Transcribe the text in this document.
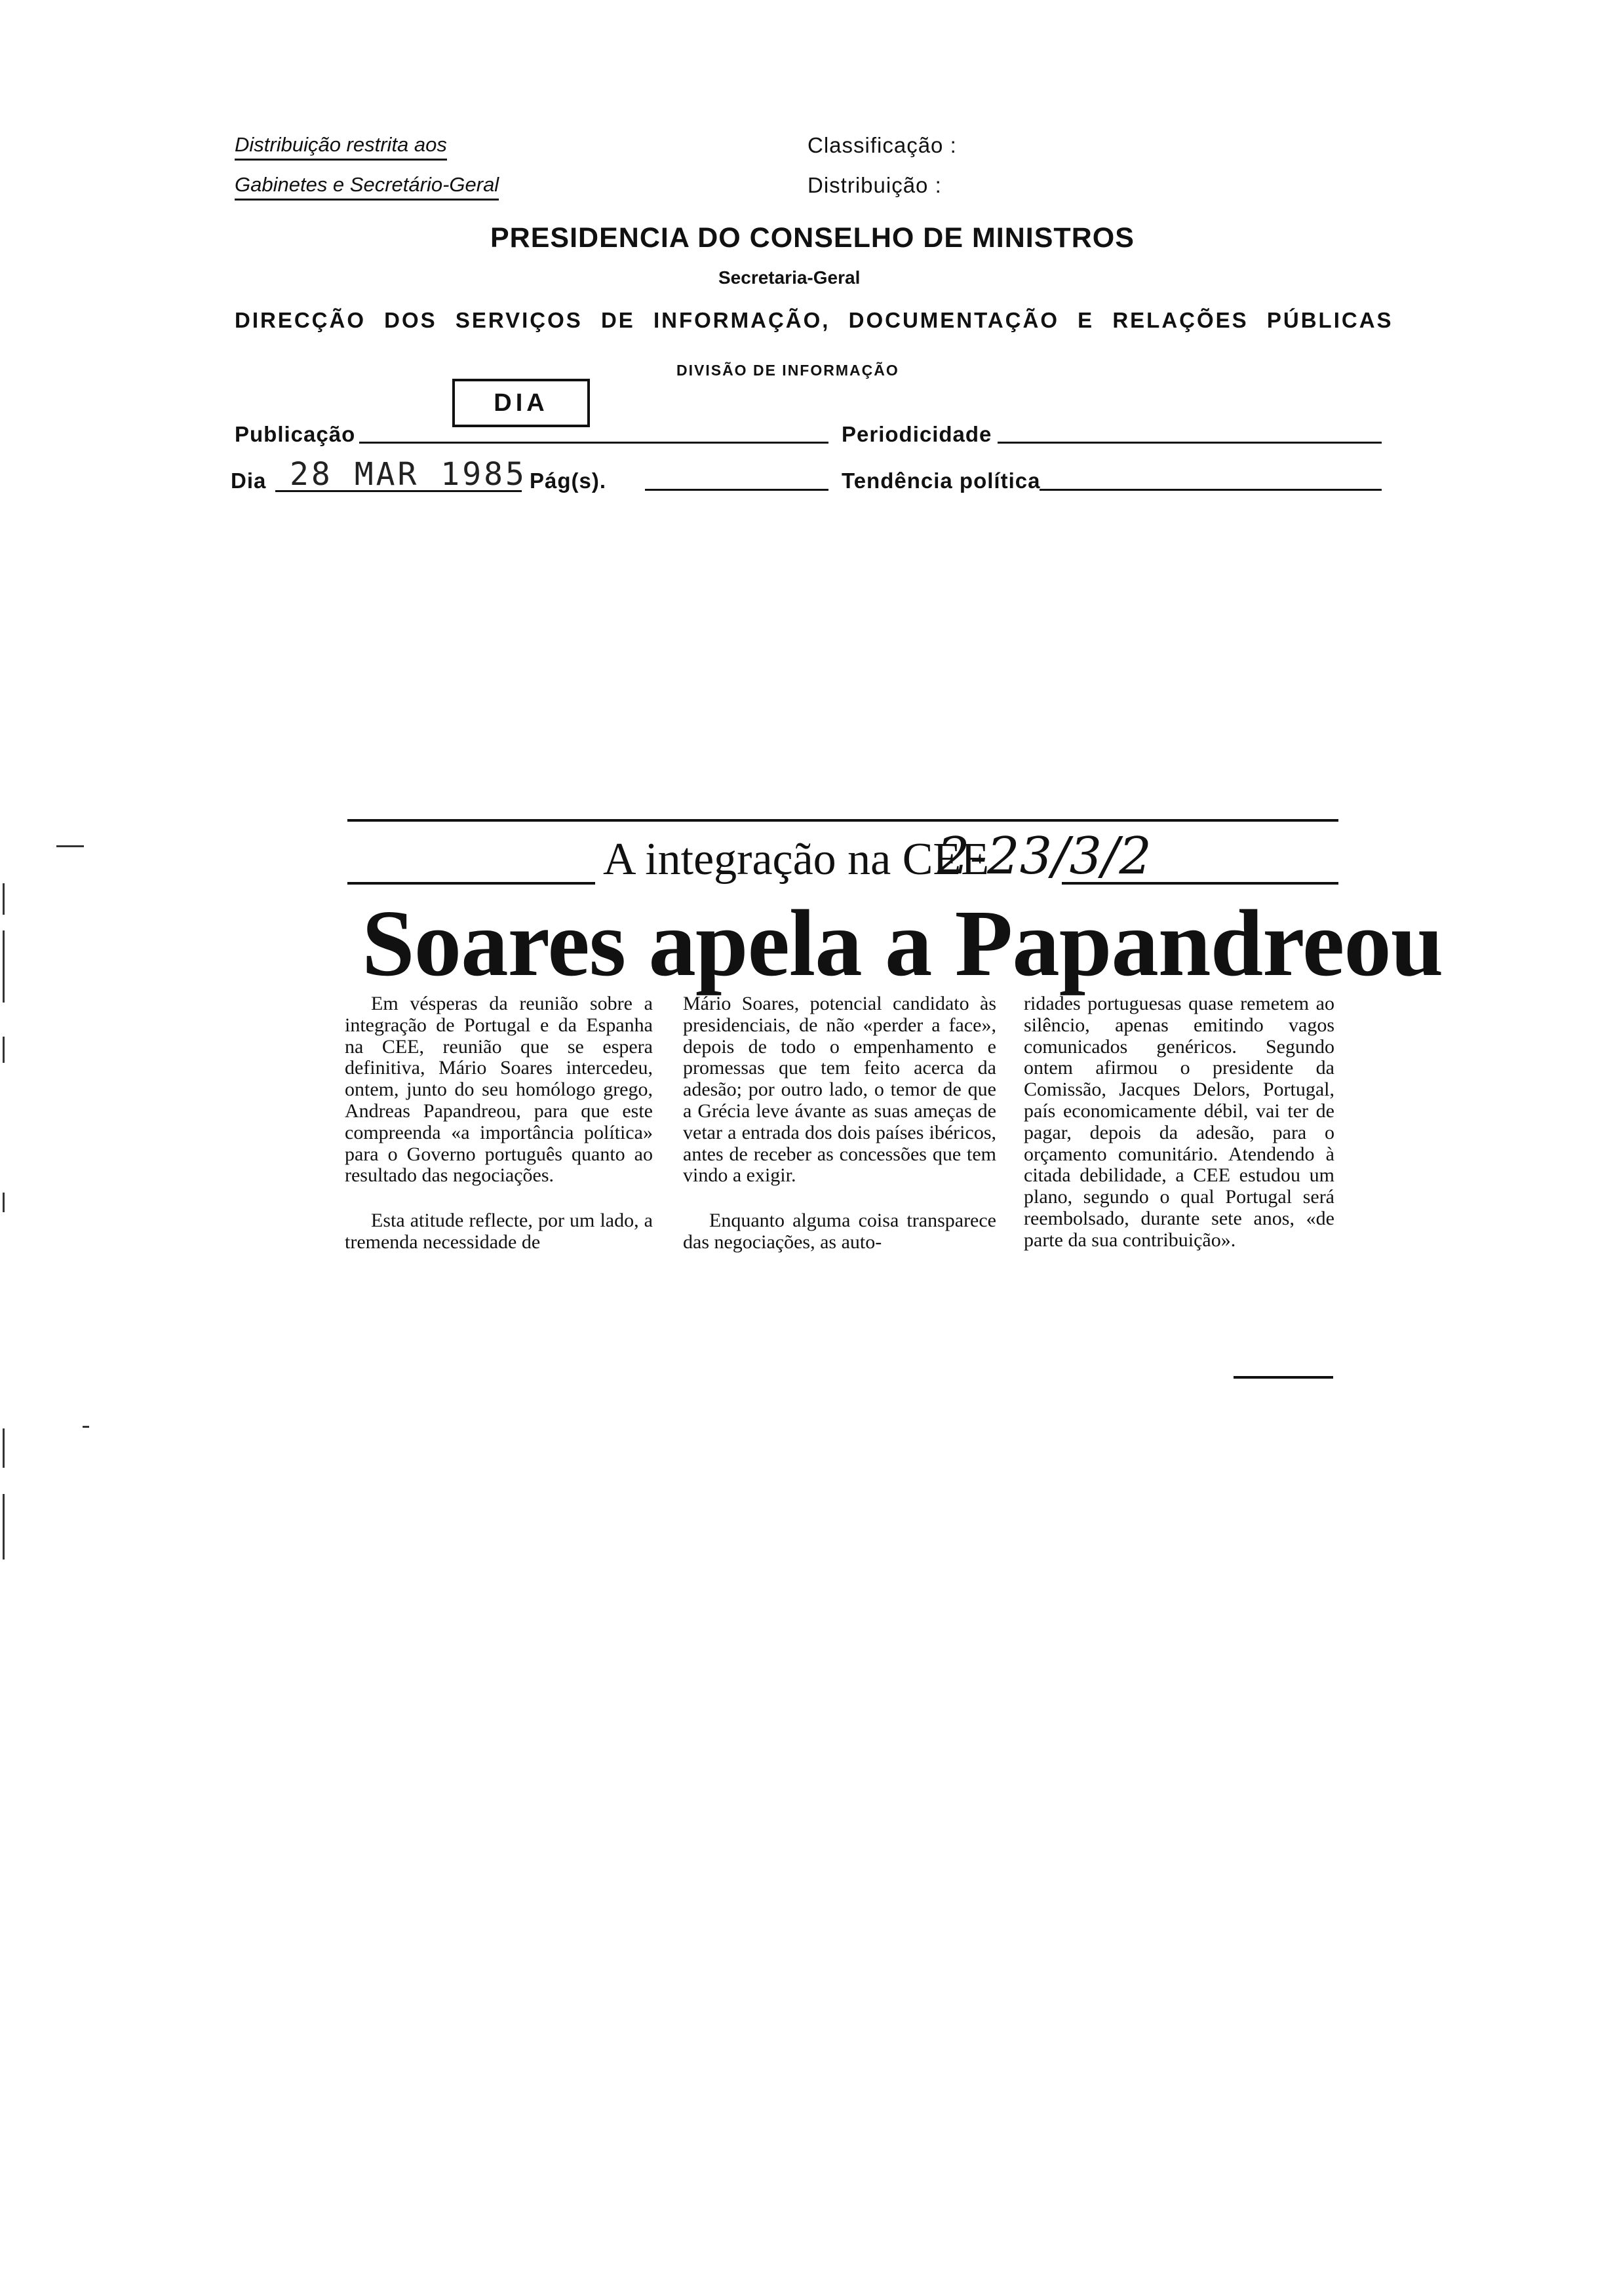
Distribuição restrita aos
Gabinetes e Secretário-Geral
Classificação :
Distribuição :
PRESIDENCIA DO CONSELHO DE MINISTROS
Secretaria-Geral
DIRECÇÃO DOS SERVIÇOS DE INFORMAÇÃO, DOCUMENTAÇÃO E RELAÇÕES PÚBLICAS
DIVISÃO DE INFORMAÇÃO
DIA
Publicação	Periodicidade
Dia 28 MAR 1985 Pág(s).	Tendência política
A integração na CEE
2-23/3/2
Soares apela a Papandreou

Em vésperas da reunião sobre a integração de Portugal e da Espanha na CEE, reunião que se espera definitiva, Mário Soares intercedeu, ontem, junto do seu homólogo grego, Andreas Papandreou, para que este compreenda «a importância política» para o Governo português quanto ao resultado das negociações.

Esta atitude reflecte, por um lado, a tremenda necessidade de

Mário Soares, potencial candidato às presidenciais, de não «perder a face», depois de todo o empenhamento e promessas que tem feito acerca da adesão; por outro lado, o temor de que a Grécia leve ávante as suas ameças de vetar a entrada dos dois países ibéricos, antes de receber as concessões que tem vindo a exigir.

Enquanto alguma coisa transparece das negociações, as auto-

ridades portuguesas quase remetem ao silêncio, apenas emitindo vagos comunicados genéricos. Segundo ontem afirmou o presidente da Comissão, Jacques Delors, Portugal, país economicamente débil, vai ter de pagar, depois da adesão, para o orçamento comunitário. Atendendo à citada debilidade, a CEE estudou um plano, segundo o qual Portugal será reembolsado, durante sete anos, «de parte da sua contribuição».
